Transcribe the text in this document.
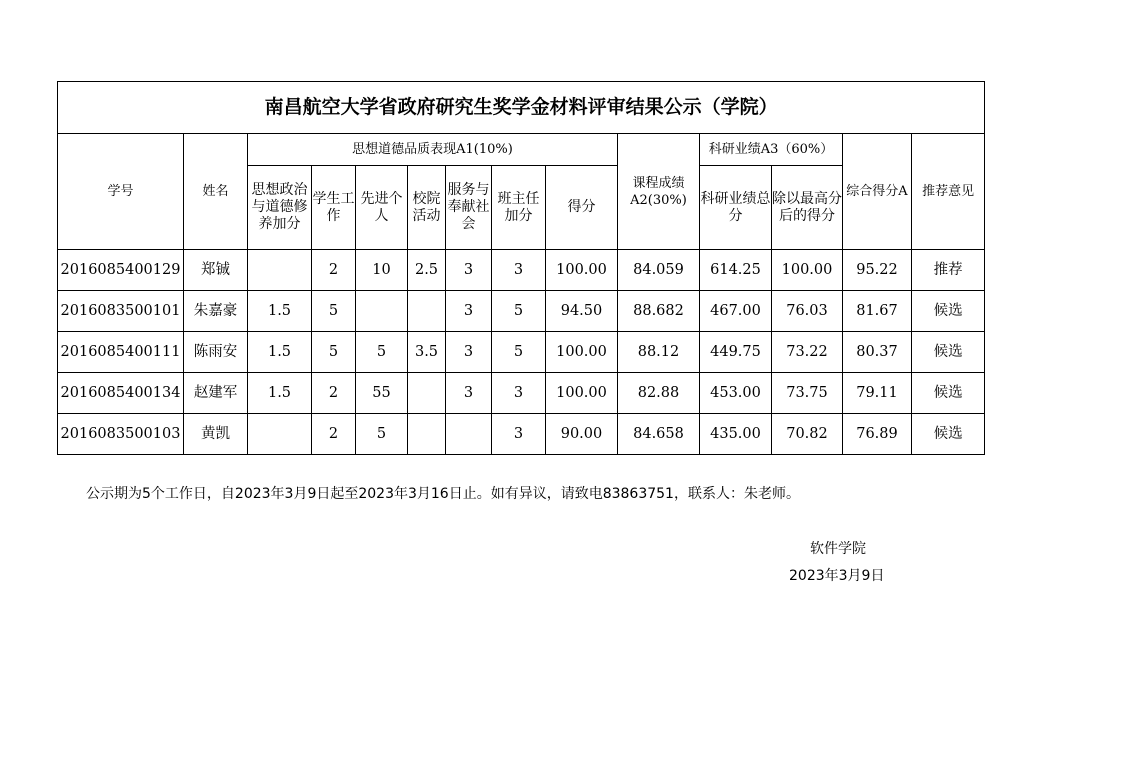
南昌航空大学省政府研究生奖学金材料评审结果公示（学院）													
学号	姓名	思想道德品质表现A1(10%)							课程成绩A2(30%)	科研业绩A3（60%）		综合得分A	推荐意见
		思想政治与道德修养加分	学生工作	先进个人	校院活动	服务与奉献社会	班主任加分	得分		科研业绩总分	除以最高分后的得分		
2016085400129	郑铖		2	10	2.5	3	3	100.00	84.059	614.25	100.00	95.22	推荐
2016083500101	朱嘉豪	1.5	5			3	5	94.50	88.682	467.00	76.03	81.67	候选
2016085400111	陈雨安	1.5	5	5	3.5	3	5	100.00	88.12	449.75	73.22	80.37	候选
2016085400134	赵建军	1.5	2	55		3	3	100.00	82.88	453.00	73.75	79.11	候选
2016083500103	黄凯		2	5			3	90.00	84.658	435.00	70.82	76.89	候选
公示期为5个工作日，自2023年3月9日起至2023年3月16日止。如有异议，请致电83863751，联系人：朱老师。
软件学院
2023年3月9日
